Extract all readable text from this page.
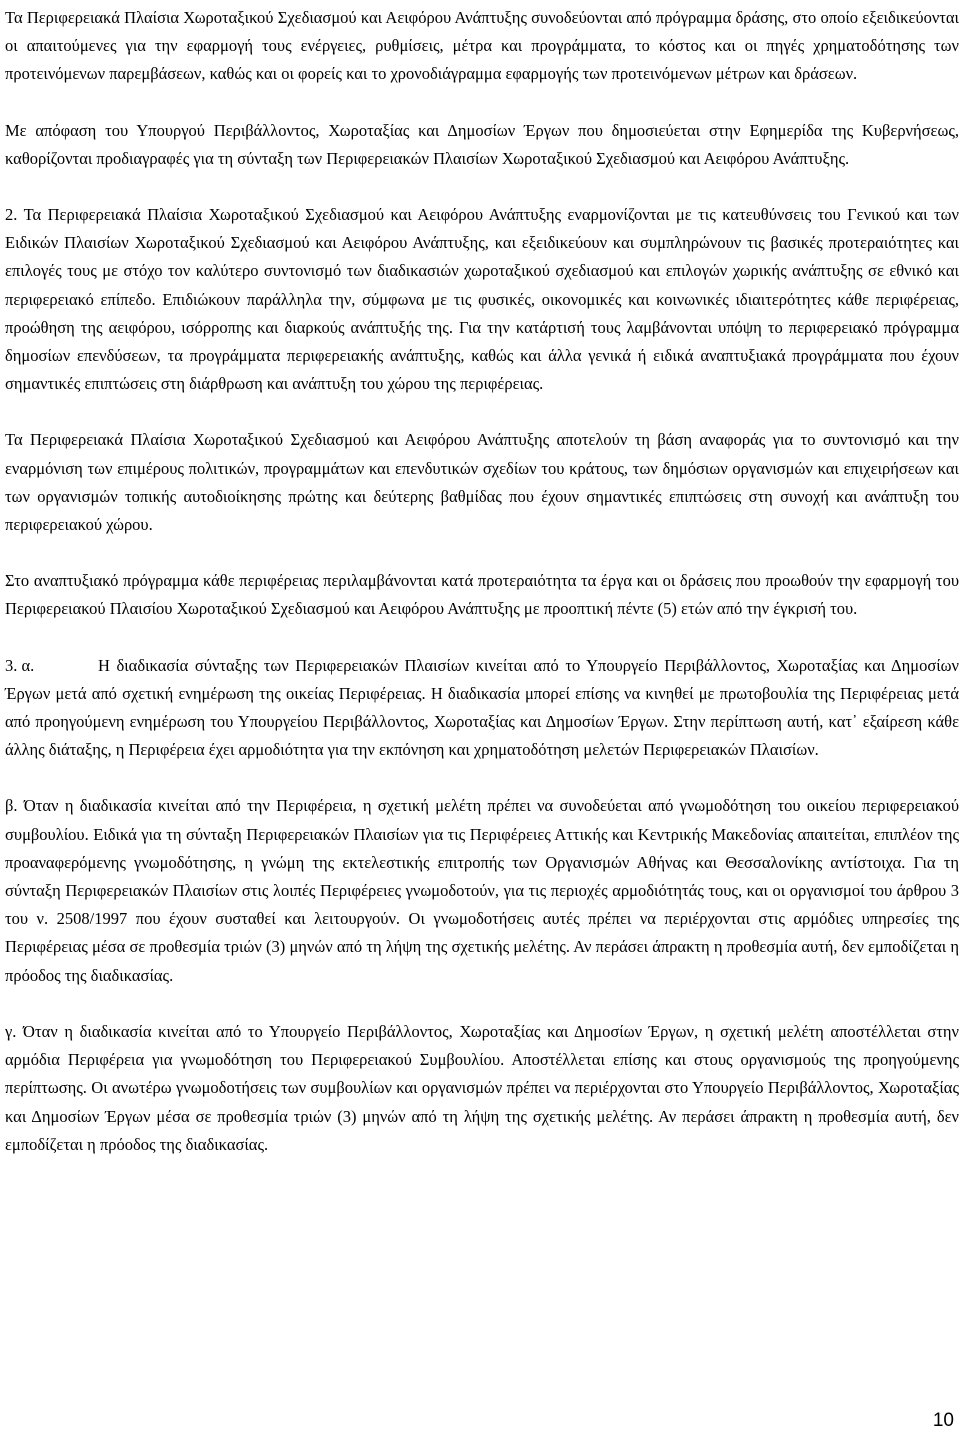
Τα Περιφερειακά Πλαίσια Χωροταξικού Σχεδιασμού και Αειφόρου Ανάπτυξης συνοδεύονται από πρόγραμμα δράσης, στο οποίο εξειδικεύονται οι απαιτούμενες για την εφαρμογή τους ενέργειες, ρυθμίσεις, μέτρα και προγράμματα, το κόστος και οι πηγές χρηματοδότησης των προτεινόμενων παρεμβάσεων, καθώς και οι φορείς και το χρονοδιάγραμμα εφαρμογής των προτεινόμενων μέτρων και δράσεων.

Με απόφαση του Υπουργού Περιβάλλοντος, Χωροταξίας και Δημοσίων Έργων που δημοσιεύεται στην Εφημερίδα της Κυβερνήσεως, καθορίζονται προδιαγραφές για τη σύνταξη των Περιφερειακών Πλαισίων Χωροταξικού Σχεδιασμού και Αειφόρου Ανάπτυξης.

2. Τα Περιφερειακά Πλαίσια Χωροταξικού Σχεδιασμού και Αειφόρου Ανάπτυξης εναρμονίζονται με τις κατευθύνσεις του Γενικού και των Ειδικών Πλαισίων Χωροταξικού Σχεδιασμού και Αειφόρου Ανάπτυξης, και εξειδικεύουν και συμπληρώνουν τις βασικές προτεραιότητες και επιλογές τους με στόχο τον καλύτερο συντονισμό των διαδικασιών χωροταξικού σχεδιασμού και επιλογών χωρικής ανάπτυξης σε εθνικό και περιφερειακό επίπεδο. Επιδιώκουν παράλληλα την, σύμφωνα με τις φυσικές, οικονομικές και κοινωνικές ιδιαιτερότητες κάθε περιφέρειας, προώθηση της αειφόρου, ισόρροπης και διαρκούς ανάπτυξής της. Για την κατάρτισή τους λαμβάνονται υπόψη το περιφερειακό πρόγραμμα δημοσίων επενδύσεων, τα προγράμματα περιφερειακής ανάπτυξης, καθώς και άλλα γενικά ή ειδικά αναπτυξιακά προγράμματα που έχουν σημαντικές επιπτώσεις στη διάρθρωση και ανάπτυξη του χώρου της περιφέρειας.

Τα Περιφερειακά Πλαίσια Χωροταξικού Σχεδιασμού και Αειφόρου Ανάπτυξης αποτελούν τη βάση αναφοράς για το συντονισμό και την εναρμόνιση των επιμέρους πολιτικών, προγραμμάτων και επενδυτικών σχεδίων του κράτους, των δημόσιων οργανισμών και επιχειρήσεων και των οργανισμών τοπικής αυτοδιοίκησης πρώτης και δεύτερης βαθμίδας που έχουν σημαντικές επιπτώσεις στη συνοχή και ανάπτυξη του περιφερειακού χώρου.

Στο αναπτυξιακό πρόγραμμα κάθε περιφέρειας περιλαμβάνονται κατά προτεραιότητα τα έργα και οι δράσεις που προωθούν την εφαρμογή του Περιφερειακού Πλαισίου Χωροταξικού Σχεδιασμού και Αειφόρου Ανάπτυξης με προοπτική πέντε (5) ετών από την έγκρισή του.

3. α.	Η διαδικασία σύνταξης των Περιφερειακών Πλαισίων κινείται από το Υπουργείο Περιβάλλοντος, Χωροταξίας και Δημοσίων Έργων μετά από σχετική ενημέρωση της οικείας Περιφέρειας. Η διαδικασία μπορεί επίσης να κινηθεί με πρωτοβουλία της Περιφέρειας μετά από προηγούμενη ενημέρωση του Υπουργείου Περιβάλλοντος, Χωροταξίας και Δημοσίων Έργων. Στην περίπτωση αυτή, κατ᾽ εξαίρεση κάθε άλλης διάταξης, η Περιφέρεια έχει αρμοδιότητα για την εκπόνηση και χρηματοδότηση μελετών Περιφερειακών Πλαισίων.

β. Όταν η διαδικασία κινείται από την Περιφέρεια, η σχετική μελέτη πρέπει να συνοδεύεται από γνωμοδότηση του οικείου περιφερειακού συμβουλίου. Ειδικά για τη σύνταξη Περιφερειακών Πλαισίων για τις Περιφέρειες Αττικής και Κεντρικής Μακεδονίας απαιτείται, επιπλέον της προαναφερόμενης γνωμοδότησης, η γνώμη της εκτελεστικής επιτροπής των Οργανισμών Αθήνας και Θεσσαλονίκης αντίστοιχα. Για τη σύνταξη Περιφερειακών Πλαισίων στις λοιπές Περιφέρειες γνωμοδοτούν, για τις περιοχές αρμοδιότητάς τους, και οι οργανισμοί του άρθρου 3 του ν. 2508/1997 που έχουν συσταθεί και λειτουργούν. Οι γνωμοδοτήσεις αυτές πρέπει να περιέρχονται στις αρμόδιες υπηρεσίες της Περιφέρειας μέσα σε προθεσμία τριών (3) μηνών από τη λήψη της σχετικής μελέτης. Αν περάσει άπρακτη η προθεσμία αυτή, δεν εμποδίζεται η πρόοδος της διαδικασίας.

γ. Όταν η διαδικασία κινείται από το Υπουργείο Περιβάλλοντος, Χωροταξίας και Δημοσίων Έργων, η σχετική μελέτη αποστέλλεται στην αρμόδια Περιφέρεια για γνωμοδότηση του Περιφερειακού Συμβουλίου. Αποστέλλεται επίσης και στους οργανισμούς της προηγούμενης περίπτωσης. Οι ανωτέρω γνωμοδοτήσεις των συμβουλίων και οργανισμών πρέπει να περιέρχονται στο Υπουργείο Περιβάλλοντος, Χωροταξίας και Δημοσίων Έργων μέσα σε προθεσμία τριών (3) μηνών από τη λήψη της σχετικής μελέτης. Αν περάσει άπρακτη η προθεσμία αυτή, δεν εμποδίζεται η πρόοδος της διαδικασίας.

10
